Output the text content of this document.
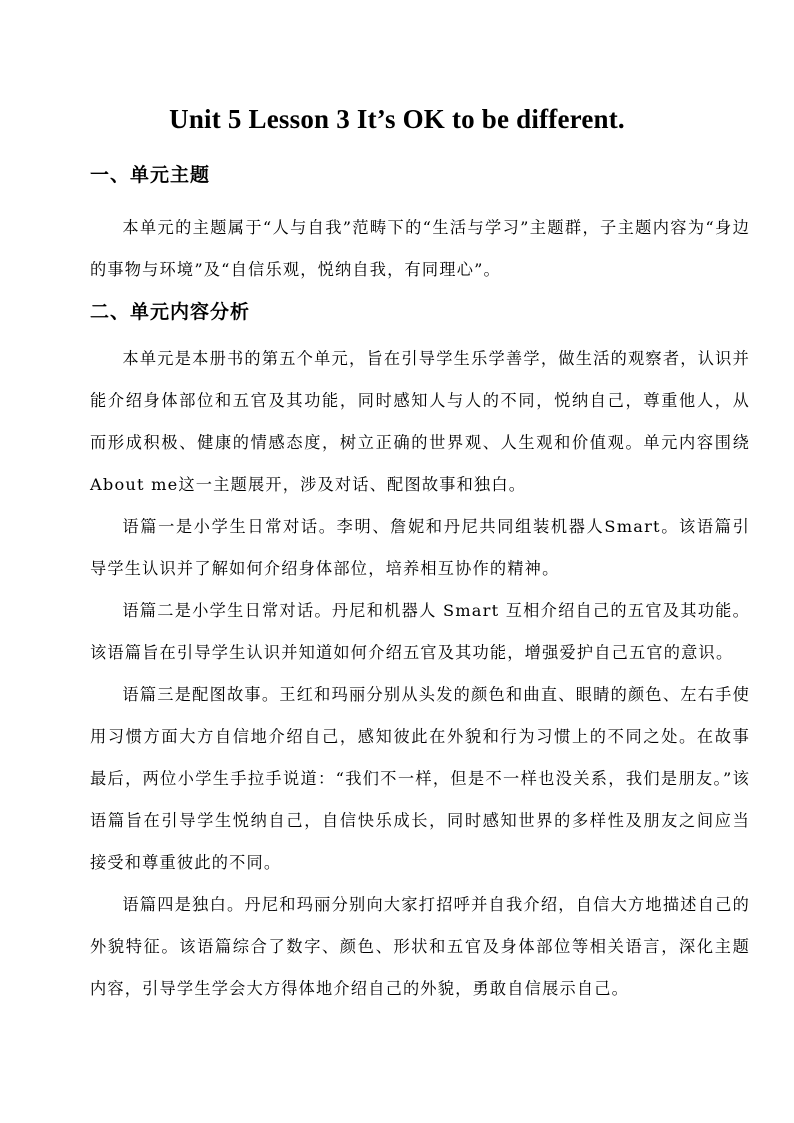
Unit 5 Lesson 3 It’s OK to be different.
一、单元主题

本单元的主题属于“人与自我”范畴下的“生活与学习”主题群，子主题内容为“身边的事物与环境”及“自信乐观，悦纳自我，有同理心”。

二、单元内容分析

本单元是本册书的第五个单元，旨在引导学生乐学善学，做生活的观察者，认识并能介绍身体部位和五官及其功能，同时感知人与人的不同，悦纳自己，尊重他人，从而形成积极、健康的情感态度，树立正确的世界观、人生观和价值观。单元内容围绕About me这一主题展开，涉及对话、配图故事和独白。

语篇一是小学生日常对话。李明、詹妮和丹尼共同组装机器人Smart。该语篇引导学生认识并了解如何介绍身体部位，培养相互协作的精神。

语篇二是小学生日常对话。丹尼和机器人 Smart 互相介绍自己的五官及其功能。该语篇旨在引导学生认识并知道如何介绍五官及其功能，增强爱护自己五官的意识。

语篇三是配图故事。王红和玛丽分别从头发的颜色和曲直、眼睛的颜色、左右手使用习惯方面大方自信地介绍自己，感知彼此在外貌和行为习惯上的不同之处。在故事最后，两位小学生手拉手说道：“我们不一样，但是不一样也没关系，我们是朋友。”该语篇旨在引导学生悦纳自己，自信快乐成长，同时感知世界的多样性及朋友之间应当接受和尊重彼此的不同。

语篇四是独白。丹尼和玛丽分别向大家打招呼并自我介绍，自信大方地描述自己的外貌特征。该语篇综合了数字、颜色、形状和五官及身体部位等相关语言，深化主题内容，引导学生学会大方得体地介绍自己的外貌，勇敢自信展示自己。
